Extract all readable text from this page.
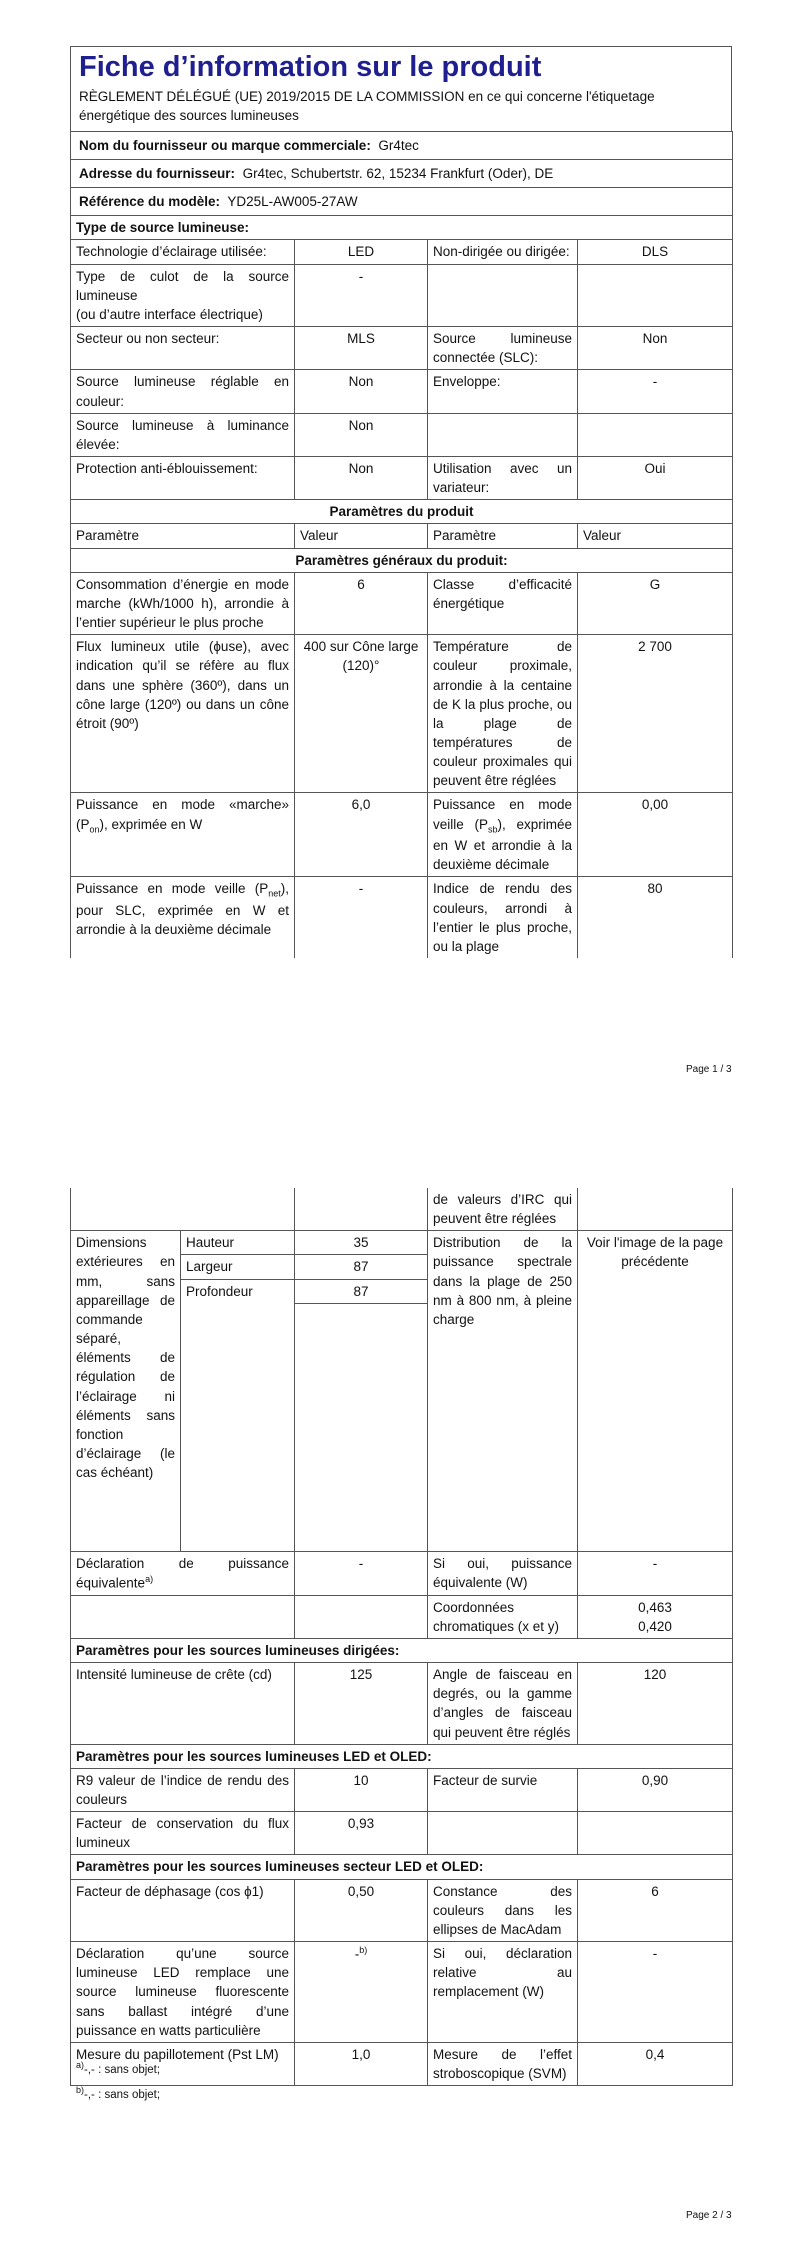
Fiche d’information sur le produit
RÈGLEMENT DÉLÉGUÉ (UE) 2019/2015 DE LA COMMISSION en ce qui concerne l'étiquetage énergétique des sources lumineuses
Nom du fournisseur ou marque commerciale: Gr4tec			
Adresse du fournisseur: Gr4tec, Schubertstr. 62, 15234 Frankfurt (Oder), DE			
Référence du modèle: YD25L-AW005-27AW			
Type de source lumineuse:			
Technologie d’éclairage utilisée:	LED	Non-dirigée ou dirigée:	DLS

Type de culot de la source lumineuse
(ou d’autre interface électrique)	-		
Secteur ou non secteur:	MLS	Source lumineuse connectée (SLC):	Non
Source lumineuse réglable en couleur:	Non	Enveloppe:	-
Source lumineuse à luminance élevée:	Non		
Protection anti-éblouissement:	Non	Utilisation avec un variateur:	Oui
Paramètres du produit			
Paramètre	Valeur	Paramètre	Valeur
Paramètres généraux du produit:			
Consommation d’énergie en mode marche (kWh/1000 h), arrondie à l’entier supérieur le plus proche	6	Classe d’efficacité énergétique	G
Flux lumineux utile (ϕuse), avec indication qu’il se réfère au flux dans une sphère (360º), dans un cône large (120º) ou dans un cône étroit (90º)	400 sur Cône large (120)°	Température de couleur proximale, arrondie à la centaine de K la plus proche, ou la plage de températures de couleur proximales qui peuvent être réglées	2 700
Puissance en mode «marche» $(P_{on})$, exprimée en W	6,0	Puissance en mode veille $(P_{sb})$, exprimée en W et arrondie à la deuxième décimale	0,00
Puissance en mode veille $(P_{net})$, pour SLC, exprimée en W et arrondie à la deuxième décimale	-	Indice de rendu des couleurs, arrondi à l’entier le plus proche, ou la plage	80
Page 1 / 3
			de valeurs d’IRC qui peuvent être réglées	
Dimensions extérieures en mm, sans appareillage de commande séparé, éléments de régulation de l’éclairage ni éléments sans fonction d’éclairage (le cas échéant)	Hauteur	35	Distribution de la puissance spectrale dans la plage de 250 nm à 800 nm, à pleine charge	Voir l'image de la page précédente
	Largeur	87		
	Profondeur	87		

Déclaration de puissance équivalente$^{a)}$		-	Si oui, puissance équivalente (W)	-
			Coordonnées chromatiques (x et y)	0,463
0,420

Paramètres pour les sources lumineuses dirigées:				
Intensité lumineuse de crête (cd)		125	Angle de faisceau en degrés, ou la gamme d’angles de faisceau qui peuvent être réglés	120
Paramètres pour les sources lumineuses LED et OLED:				
R9 valeur de l’indice de rendu des couleurs		10	Facteur de survie	0,90
Facteur de conservation du flux lumineux		0,93		
Paramètres pour les sources lumineuses secteur LED et OLED:				
Facteur de déphasage (cos ϕ1)		0,50	Constance des couleurs dans les ellipses de MacAdam	6
Déclaration qu’une source lumineuse LED remplace une source lumineuse fluorescente sans ballast intégré d’une puissance en watts particulière		-$^{b)}$	Si oui, déclaration relative au remplacement (W)	-
Mesure du papillotement (Pst LM)		1,0	Mesure de l’effet stroboscopique (SVM)	0,4
$^{a)}$-,- : sans objet;
$^{b)}$-,- : sans objet;
Page 2 / 3
